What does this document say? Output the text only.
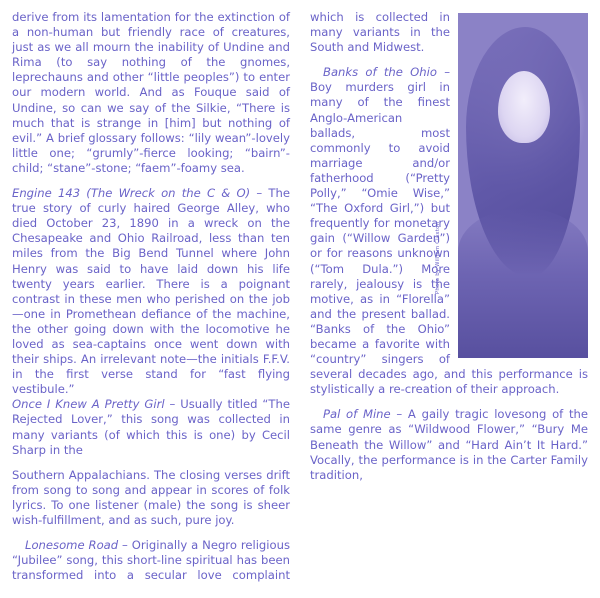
derive from its lamentation for the extinction of a non-human but friendly race of creatures, just as we all mourn the inability of Undine and Rima (to say nothing of the gnomes, leprechauns and other “little peoples”) to enter our modern world. And as Fouque said of Undine, so can we say of the Silkie, “There is much that is strange in [him] but nothing of evil.” A brief glossary follows: “lily wean”-lovely little one; “grumly”-fierce looking; “bairn”-child; “stane”-stone; “faem”-foamy sea.

Engine 143 (The Wreck on the C & O) – The true story of curly haired George Alley, who died October 23, 1890 in a wreck on the Chesapeake and Ohio Railroad, less than ten miles from the Big Bend Tunnel where John Henry was said to have laid down his life twenty years earlier. There is a poignant contrast in these men who perished on the job—one in Promethean defiance of the machine, the other going down with the locomotive he loved as sea-captains once went down with their ships. An irrelevant note—the initials F.F.V. in the first verse stand for “fast flying vestibule.”

Photo by William Claxton

Once I Knew A Pretty Girl – Usually titled “The Rejected Lover,” this song was collected in many variants (of which this is one) by Cecil Sharp in the

Southern Appalachians. The closing verses drift from song to song and appear in scores of folk lyrics. To one listener (male) the song is sheer wish-fulfillment, and as such, pure joy.

Lonesome Road – Originally a Negro religious “Jubilee” song, this short-line spiritual has been transformed into a secular love complaint which is collected in many variants in the South and Midwest.

Banks of the Ohio – Boy murders girl in many of the finest Anglo-American ballads, most commonly to avoid marriage and/or fatherhood (“Pretty Polly,” “Omie Wise,” “The Oxford Girl,”) but frequently for monetary gain (“Willow Garden”) or for reasons unknown (“Tom Dula.”) More rarely, jealousy is the motive, as in “Florella” and the present ballad. “Banks of the Ohio” became a favorite with “country” singers of several decades ago, and this performance is stylistically a re-creation of their approach.

Pal of Mine – A gaily tragic lovesong of the same genre as “Wildwood Flower,” “Bury Me Beneath the Willow” and “Hard Ain’t It Hard.” Vocally, the performance is in the Carter Family tradition,
